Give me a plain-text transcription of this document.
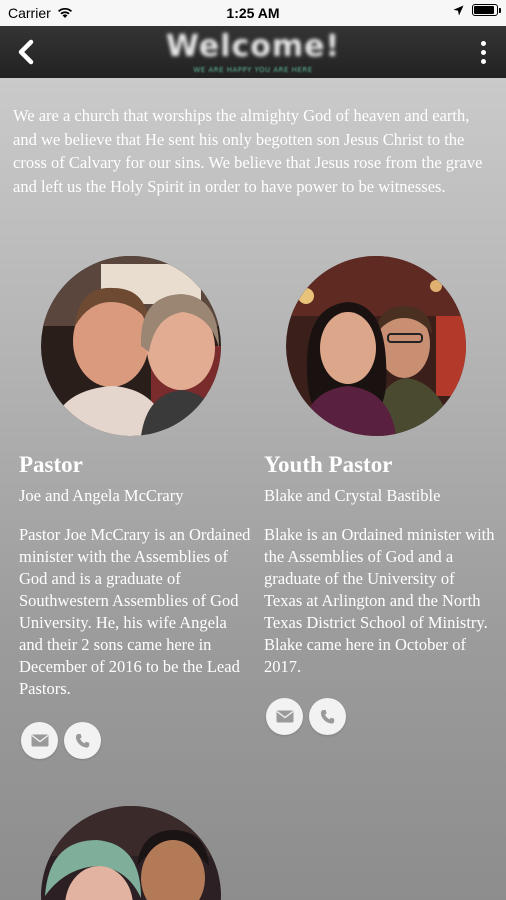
Carrier	1:25 AM
Welcome!
WE ARE HAPPY YOU ARE HERE

We are a church that worships the almighty God of heaven and earth, and we believe that He sent his only begotten son Jesus Christ to the cross of Calvary for our sins. We believe that Jesus rose from the grave and left us the Holy Spirit in order to have power to be witnesses.

Pastor
Joe and Angela McCrary

Pastor Joe McCrary is an Ordained minister with the Assemblies of God and is a graduate of Southwestern Assemblies of God University. He, his wife Angela and their 2 sons came here in December of 2016 to be the Lead Pastors.

Youth Pastor
Blake and Crystal Bastible

Blake is an Ordained minister with the Assemblies of God and a graduate of the University of Texas at Arlington and the North Texas District School of Ministry. Blake came here in October of 2017.
